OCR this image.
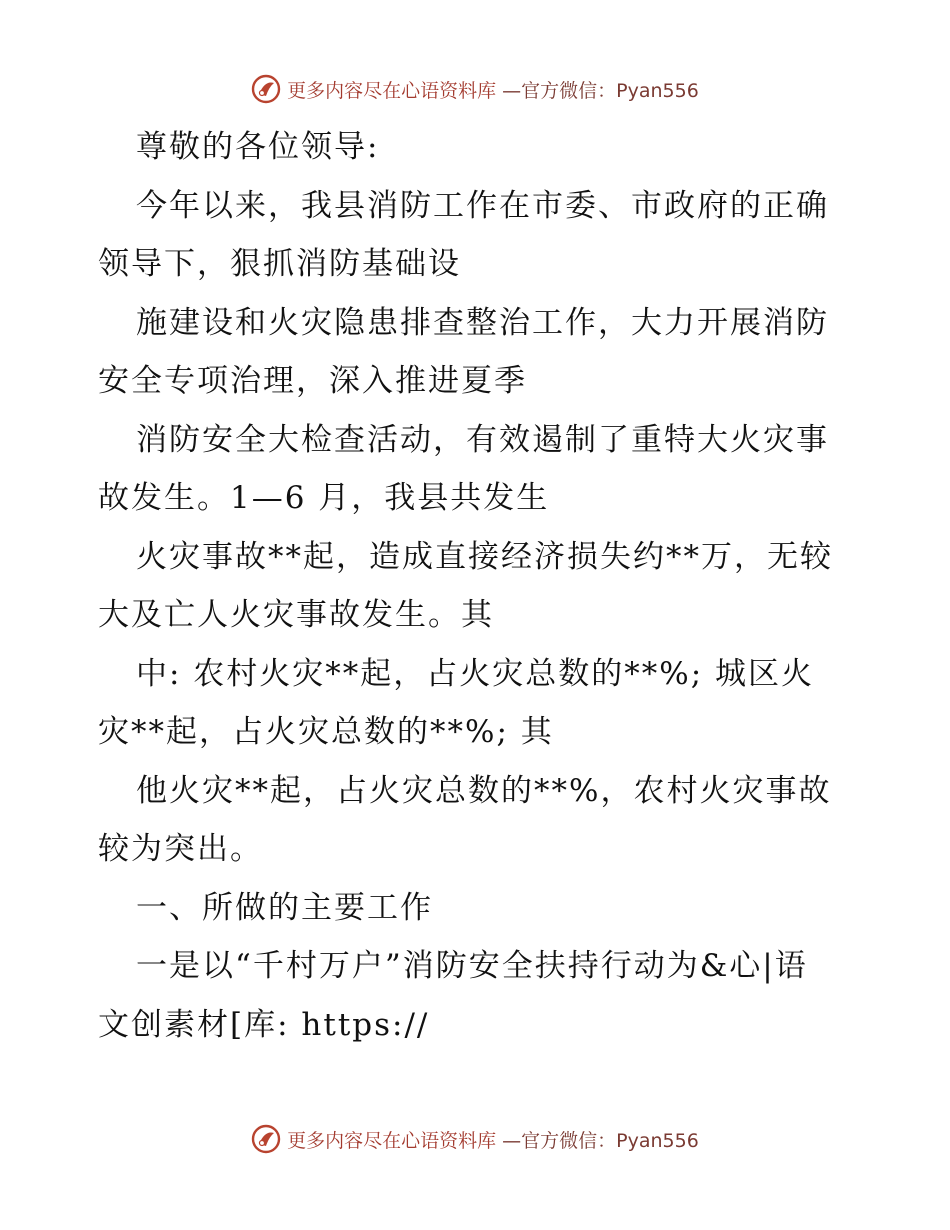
更多内容尽在心语资料库 —官方微信：Pyan556
尊敬的各位领导:
今年以来，我县消防工作在市委、市政府的正确
领导下，狠抓消防基础设
施建设和火灾隐患排查整治工作，大力开展消防
安全专项治理，深入推进夏季
消防安全大检查活动，有效遏制了重特大火灾事
故发生。1—6 月，我县共发生
火灾事故**起，造成直接经济损失约**万，无较
大及亡人火灾事故发生。其
中: 农村火灾**起，占火灾总数的**%; 城区火
灾**起，占火灾总数的**%; 其
他火灾**起，占火灾总数的**%，农村火灾事故
较为突出。
一、所做的主要工作
一是以“千村万户”消防安全扶持行动为&心|语
文创素材[库: https://
更多内容尽在心语资料库 —官方微信：Pyan556
